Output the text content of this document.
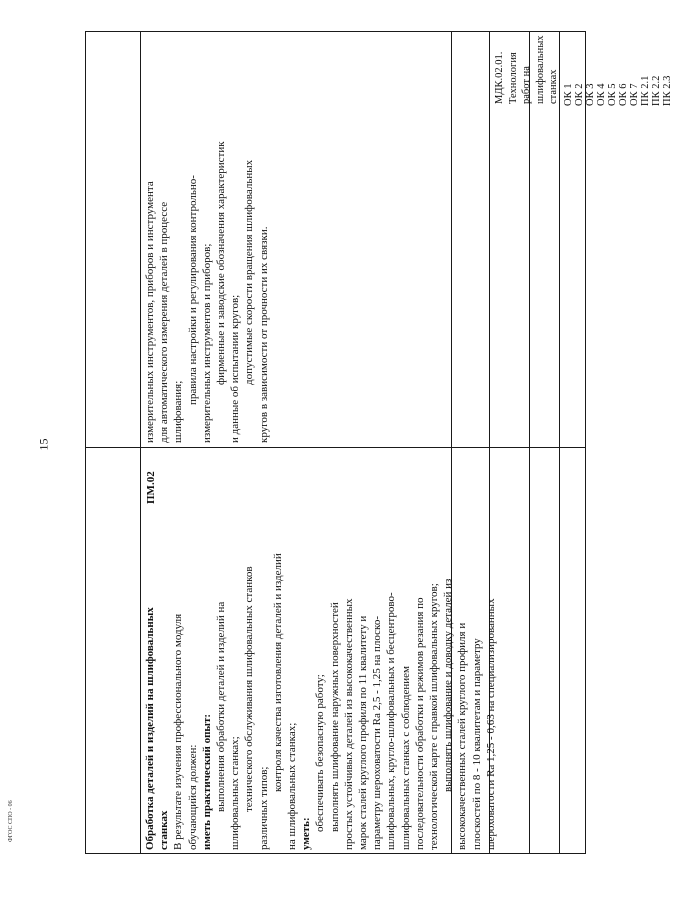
15
ФГОС СПО - 06
ПМ.02
измерительных инструментов, приборов и инструмента для автоматического измерения деталей в процессе шлифования;
правила настройки и регулирования контрольно- измерительных инструментов и приборов; фирменные и заводские обозначения характеристик и данные об испытании кругов; допустимые скорости вращения шлифовальных кругов в зависимости от прочности их связки.
Обработка деталей и изделий на шлифовальных станках В результате изучения профессионального модуля обучающийся должен: иметь практический опыт: выполнения обработки деталей и изделий на шлифовальных станках; технического обслуживания шлифовальных станков различных типов;
контроля качества изготовления деталей и изделий на шлифовальных станках; уметь:
обеспечивать безопасную работу; выполнять шлифование наружных поверхностей простых устойчивых деталей из высококачественных марок сталей круглого профиля по 11 квалитету и параметру шероховатости Ra 2,5 - 1,25 на плоско- шлифовальных, кругло-шлифовальных и бесцентрово- шлифовальных станках с соблюдением последовательности обработки и режимов резания по технологической карте с правкой шлифовальных кругов; выполнять шлифование и доводку деталей из высококачественных сталей круглого профиля и плоскостей по 8 - 10 квалитетам и параметру шероховатости Ra 1,25 - 0,63 на специализированных
МДК.02.01. Технология работ на шлифовальных станках ОК 1 ОК 2 ОК 3 ОК 4 ОК 5 ОК 6 ОК 7 ПК 2.1 ПК 2.2 ПК 2.3
